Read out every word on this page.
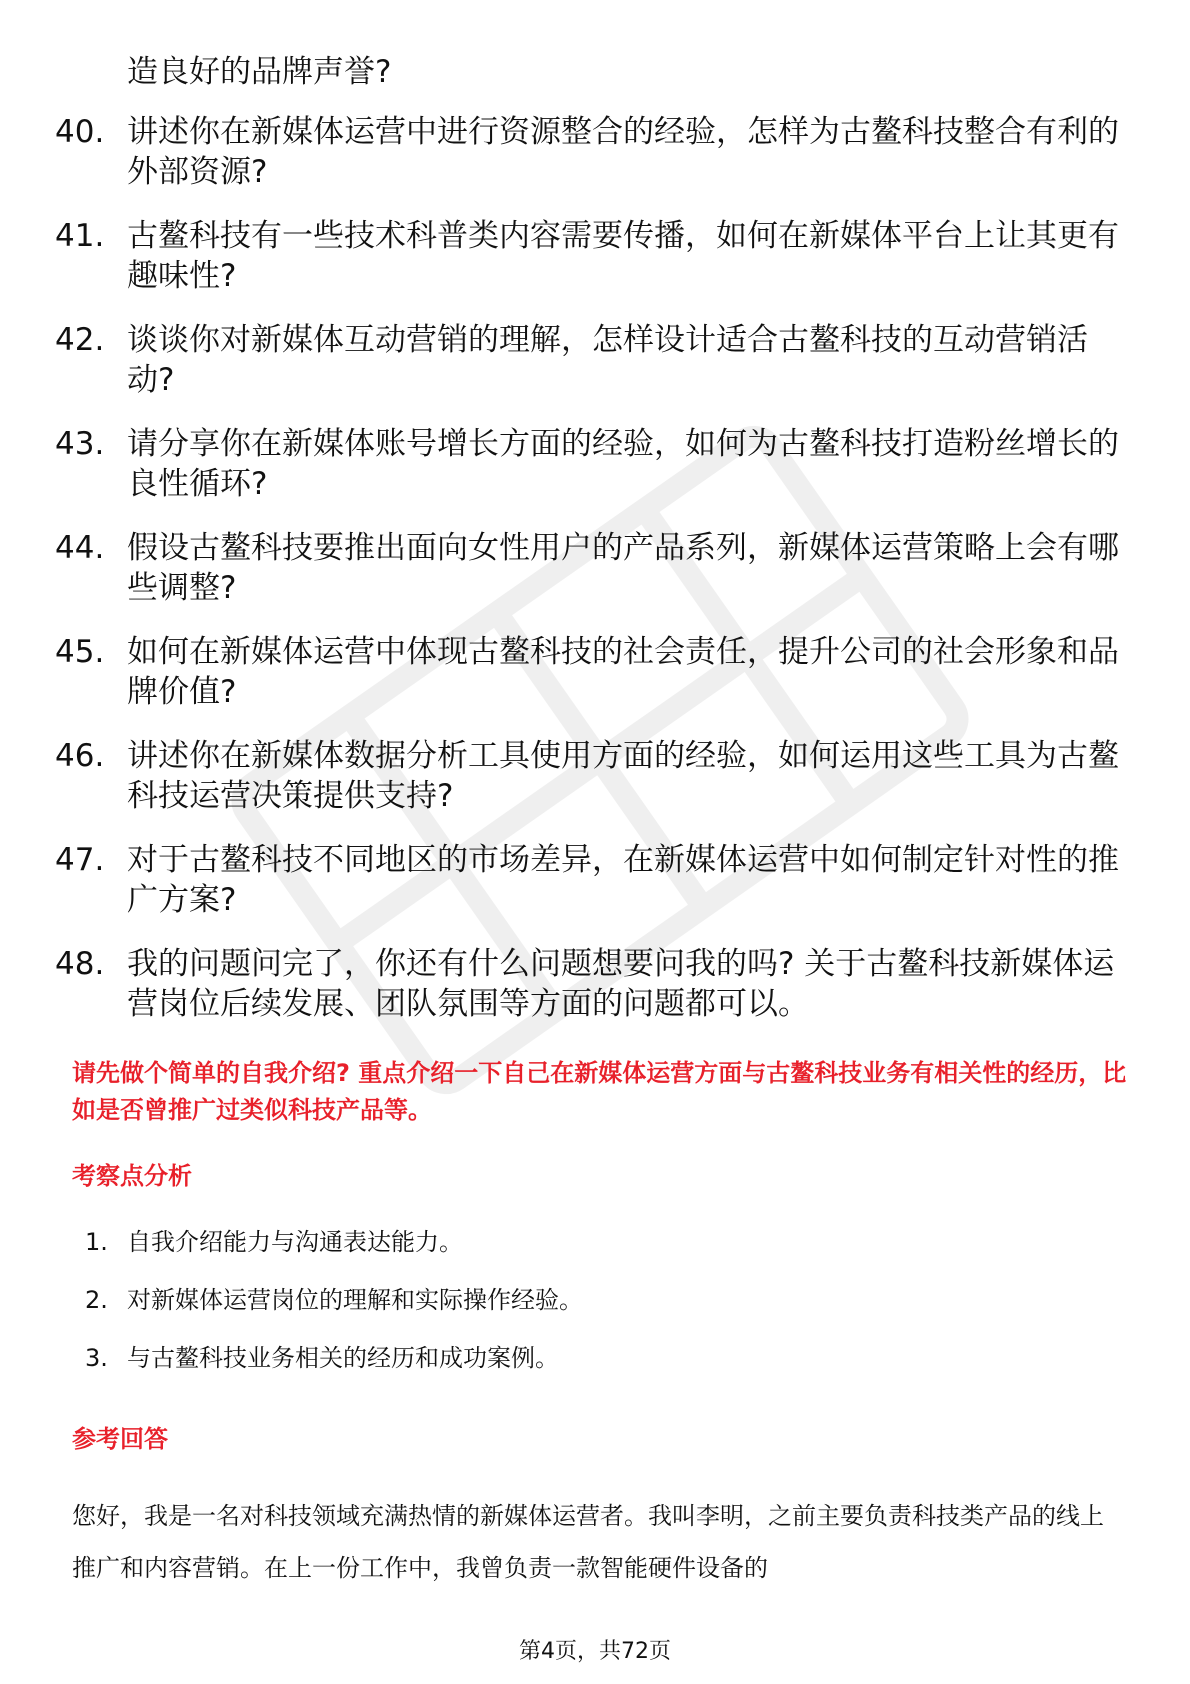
造良好的品牌声誉?
40. 讲述你在新媒体运营中进行资源整合的经验，怎样为古鳌科技整合有利的外部资源?
41. 古鳌科技有一些技术科普类内容需要传播，如何在新媒体平台上让其更有趣味性?
42. 谈谈你对新媒体互动营销的理解，怎样设计适合古鳌科技的互动营销活动?
43. 请分享你在新媒体账号增长方面的经验，如何为古鳌科技打造粉丝增长的良性循环?
44. 假设古鳌科技要推出面向女性用户的产品系列，新媒体运营策略上会有哪些调整?
45. 如何在新媒体运营中体现古鳌科技的社会责任，提升公司的社会形象和品牌价值?
46. 讲述你在新媒体数据分析工具使用方面的经验，如何运用这些工具为古鳌科技运营决策提供支持?
47. 对于古鳌科技不同地区的市场差异，在新媒体运营中如何制定针对性的推广方案?
48. 我的问题问完了，你还有什么问题想要问我的吗? 关于古鳌科技新媒体运营岗位后续发展、团队氛围等方面的问题都可以。
请先做个简单的自我介绍? 重点介绍一下自己在新媒体运营方面与古鳌科技业务有相关性的经历，比如是否曾推广过类似科技产品等。
考察点分析
1. 自我介绍能力与沟通表达能力。
2. 对新媒体运营岗位的理解和实际操作经验。
3. 与古鳌科技业务相关的经历和成功案例。
参考回答
您好，我是一名对科技领域充满热情的新媒体运营者。我叫李明，之前主要负责科技类产品的线上推广和内容营销。在上一份工作中，我曾负责一款智能硬件设备的
第4页，共72页
